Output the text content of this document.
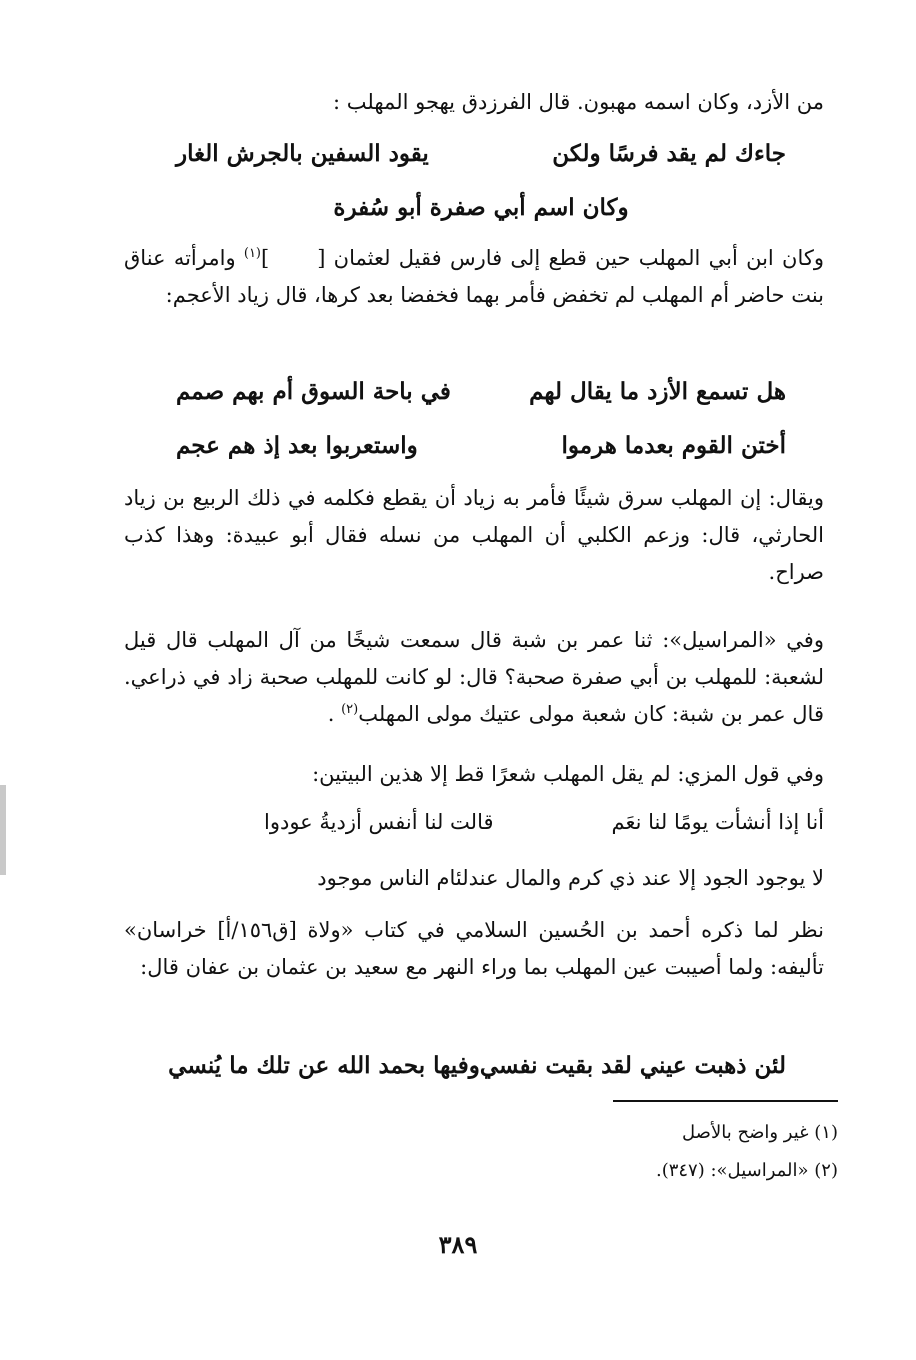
من الأزد، وكان اسمه مهبون. قال الفرزدق يهجو المهلب :
جاءك لم يقد فرسًا ولكن
يقود السفين بالجرش الغار
وكان اسم أبي صفرة أبو سُفرة
وكان ابن أبي المهلب حين قطع إلى فارس فقيل لعثمان []$^{(١)}$ وامرأته عناق بنت حاضر أم المهلب لم تخفض فأمر بهما فخفضا بعد كرها، قال زياد الأعجم:
هل تسمع الأزد ما يقال لهم
في باحة السوق أم بهم صمم
أختن القوم بعدما هرموا
واستعربوا بعد إذ هم عجم
ويقال: إن المهلب سرق شيئًا فأمر به زياد أن يقطع فكلمه في ذلك الربيع بن زياد الحارثي، قال: وزعم الكلبي أن المهلب من نسله فقال أبو عبيدة: وهذا كذب صراح.
وفي «المراسيل»: ثنا عمر بن شبة قال سمعت شيخًا من آل المهلب قال قيل لشعبة: للمهلب بن أبي صفرة صحبة؟ قال: لو كانت للمهلب صحبة زاد في ذراعي. قال عمر بن شبة: كان شعبة مولى عتيك مولى المهلب$^{(٢)}$ .
وفي قول المزي: لم يقل المهلب شعرًا قط إلا هذين البيتين:
أنا إذا أنشأت يومًا لنا نعَم
قالت لنا أنفس أزديةُ عودوا
لا يوجود الجود إلا عند ذي كرم والمال عندلئام الناس موجود
نظر لما ذكره أحمد بن الحُسين السلامي في كتاب «ولاة [ق١٥٦/أ] خراسان» تأليفه: ولما أصيبت عين المهلب بما وراء النهر مع سعيد بن عثمان بن عفان قال:
لئن ذهبت عيني لقد بقيت نفسي
وفيها بحمد الله عن تلك ما يُنسي
(١) غير واضح بالأصل
(٢) «المراسيل»: (٣٤٧).
٣٨٩
